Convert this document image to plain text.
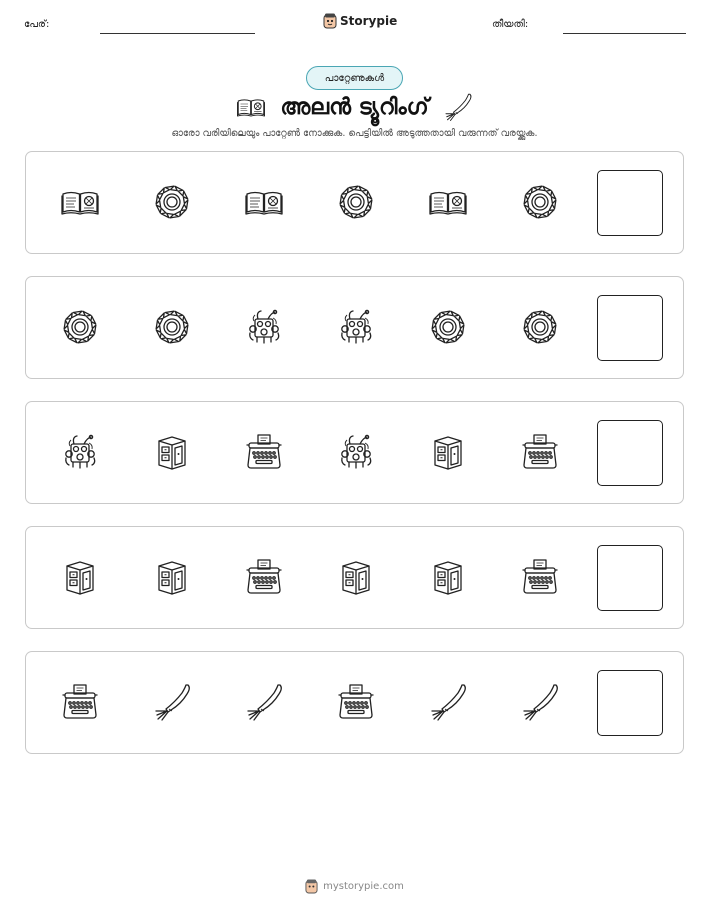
പേര്:	Storypie	തീയതി:
പാറ്റേണുകൾ
അലൻ ട്യൂറിംഗ്
ഓരോ വരിയിലെയും പാറ്റേൺ നോക്കുക. പെട്ടിയിൽ അടുത്തതായി വരുന്നത് വരയ്ക്കുക.
mystorypie.com
